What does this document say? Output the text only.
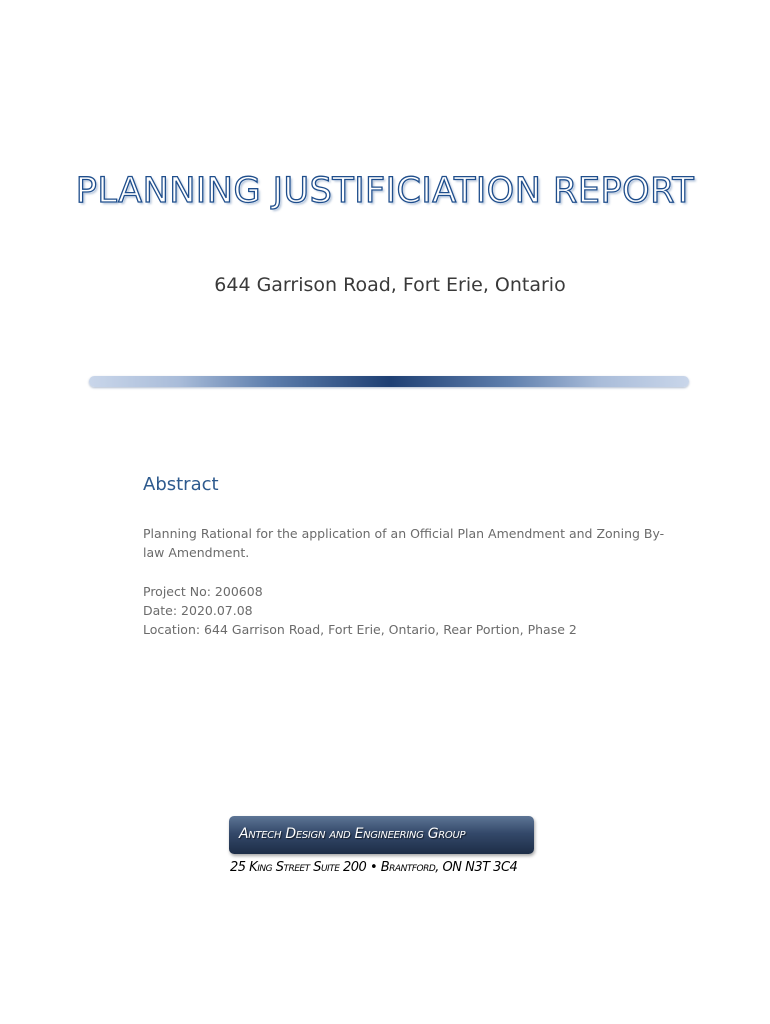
PLANNING JUSTIFICIATION REPORT
644 Garrison Road, Fort Erie, Ontario
Abstract

Planning Rational for the application of an Official Plan Amendment and Zoning By-law Amendment.

Project No: 200608
Date: 2020.07.08
Location: 644 Garrison Road, Fort Erie, Ontario, Rear Portion, Phase 2
Antech Design and Engineering Group
25 King Street Suite 200 • Brantford, ON N3T 3C4
